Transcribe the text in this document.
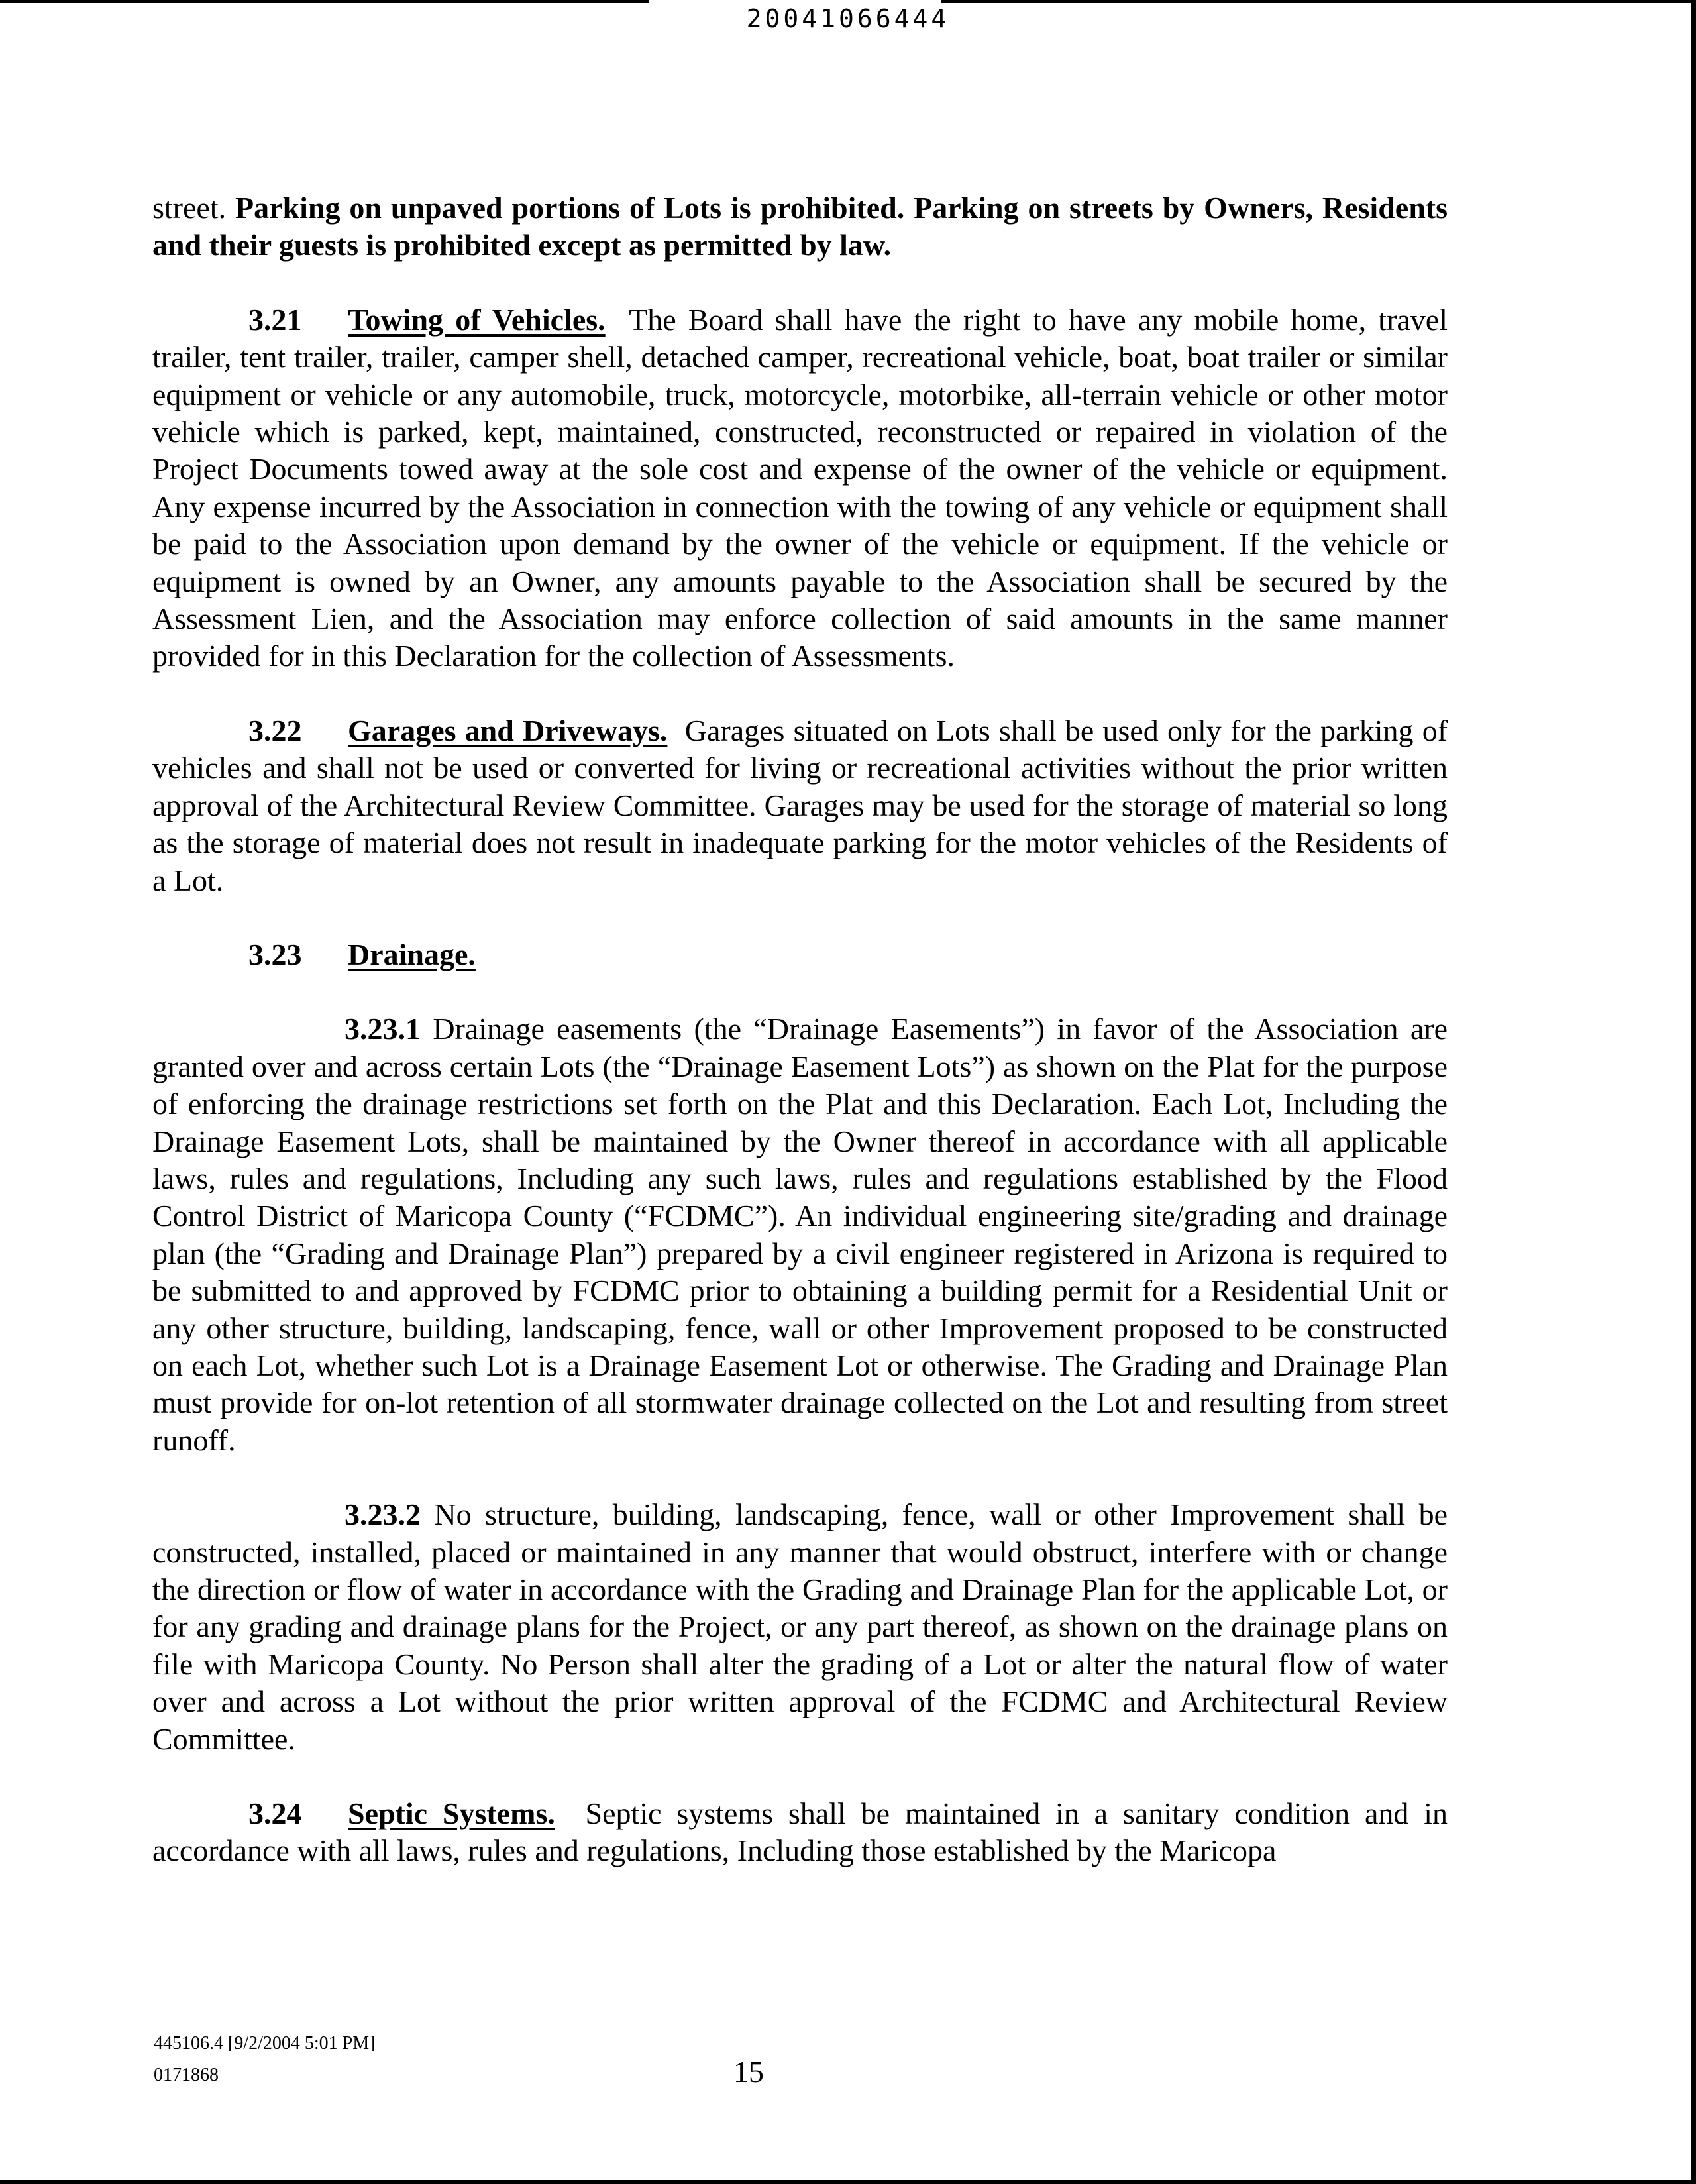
20041066444

street. Parking on unpaved portions of Lots is prohibited. Parking on streets by Owners, Residents and their guests is prohibited except as permitted by law.

3.21 Towing of Vehicles. The Board shall have the right to have any mobile home, travel trailer, tent trailer, trailer, camper shell, detached camper, recreational vehicle, boat, boat trailer or similar equipment or vehicle or any automobile, truck, motorcycle, motorbike, all-terrain vehicle or other motor vehicle which is parked, kept, maintained, constructed, reconstructed or repaired in violation of the Project Documents towed away at the sole cost and expense of the owner of the vehicle or equipment. Any expense incurred by the Association in connection with the towing of any vehicle or equipment shall be paid to the Association upon demand by the owner of the vehicle or equipment. If the vehicle or equipment is owned by an Owner, any amounts payable to the Association shall be secured by the Assessment Lien, and the Association may enforce collection of said amounts in the same manner provided for in this Declaration for the collection of Assessments.

3.22 Garages and Driveways. Garages situated on Lots shall be used only for the parking of vehicles and shall not be used or converted for living or recreational activities without the prior written approval of the Architectural Review Committee. Garages may be used for the storage of material so long as the storage of material does not result in inadequate parking for the motor vehicles of the Residents of a Lot.

3.23 Drainage.

3.23.1 Drainage easements (the “Drainage Easements”) in favor of the Association are granted over and across certain Lots (the “Drainage Easement Lots”) as shown on the Plat for the purpose of enforcing the drainage restrictions set forth on the Plat and this Declaration. Each Lot, Including the Drainage Easement Lots, shall be maintained by the Owner thereof in accordance with all applicable laws, rules and regulations, Including any such laws, rules and regulations established by the Flood Control District of Maricopa County (“FCDMC”). An individual engineering site/grading and drainage plan (the “Grading and Drainage Plan”) prepared by a civil engineer registered in Arizona is required to be submitted to and approved by FCDMC prior to obtaining a building permit for a Residential Unit or any other structure, building, landscaping, fence, wall or other Improvement proposed to be constructed on each Lot, whether such Lot is a Drainage Easement Lot or otherwise. The Grading and Drainage Plan must provide for on-lot retention of all stormwater drainage collected on the Lot and resulting from street runoff.

3.23.2 No structure, building, landscaping, fence, wall or other Improvement shall be constructed, installed, placed or maintained in any manner that would obstruct, interfere with or change the direction or flow of water in accordance with the Grading and Drainage Plan for the applicable Lot, or for any grading and drainage plans for the Project, or any part thereof, as shown on the drainage plans on file with Maricopa County. No Person shall alter the grading of a Lot or alter the natural flow of water over and across a Lot without the prior written approval of the FCDMC and Architectural Review Committee.

3.24 Septic Systems. Septic systems shall be maintained in a sanitary condition and in accordance with all laws, rules and regulations, Including those established by the Maricopa

445106.4 [9/2/2004 5:01 PM]
0171868	15
